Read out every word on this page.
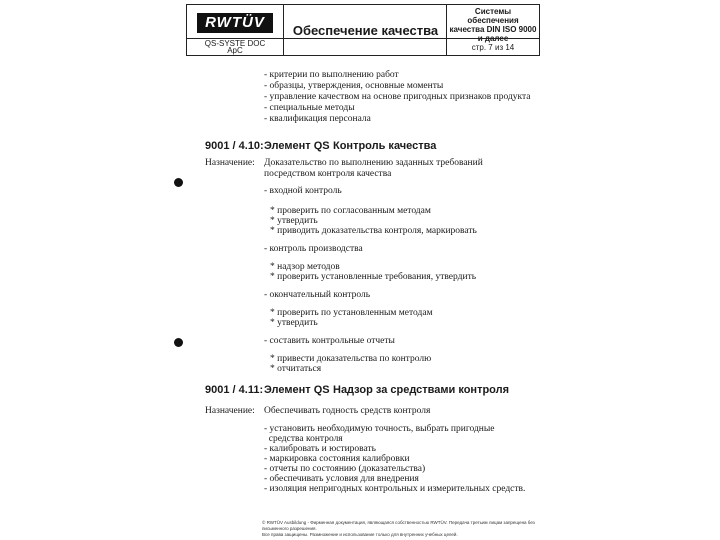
RWTÜV
QS-SYSTE DOC
ApC
Обеспечение качества
Системы обеспечения качества DIN ISO 9000 и далее
стр. 7 из 14
- критерии по выполнению работ
- образцы, утверждения, основные моменты
- управление качеством на основе пригодных признаков продукта
- специальные методы
- квалификация персонала
9001 / 4.10: Элемент QS Контроль качества
Назначение: Доказательство по выполнению заданных требований
посредством контроля качества
- входной контроль
* проверить по согласованным методам
* утвердить
* приводить доказательства контроля, маркировать
- контроль производства
* надзор методов
* проверить установленные требования, утвердить
- окончательный контроль
* проверить по установленным методам
* утвердить
- составить контрольные отчеты
* привести доказательства по контролю
* отчитаться
9001 / 4.11: Элемент QS Надзор за средствами контроля
Назначение: Обеспечивать годность средств контроля
- установить необходимую точность, выбрать пригодные
средства контроля
- калибровать и юстировать
- маркировка состояния калибровки
- отчеты по состоянию (доказательства)
- обеспечивать условия для внедрения
- изоляция непригодных контрольных и измерительных средств.
© RWTÜV Ausbildung - Фирменная документация, являющаяся собственностью RWTÜV. Передача третьим лицам запрещена без письменного разрешения.
Все права защищены. Размножение и использование только для внутренних учебных целей.
